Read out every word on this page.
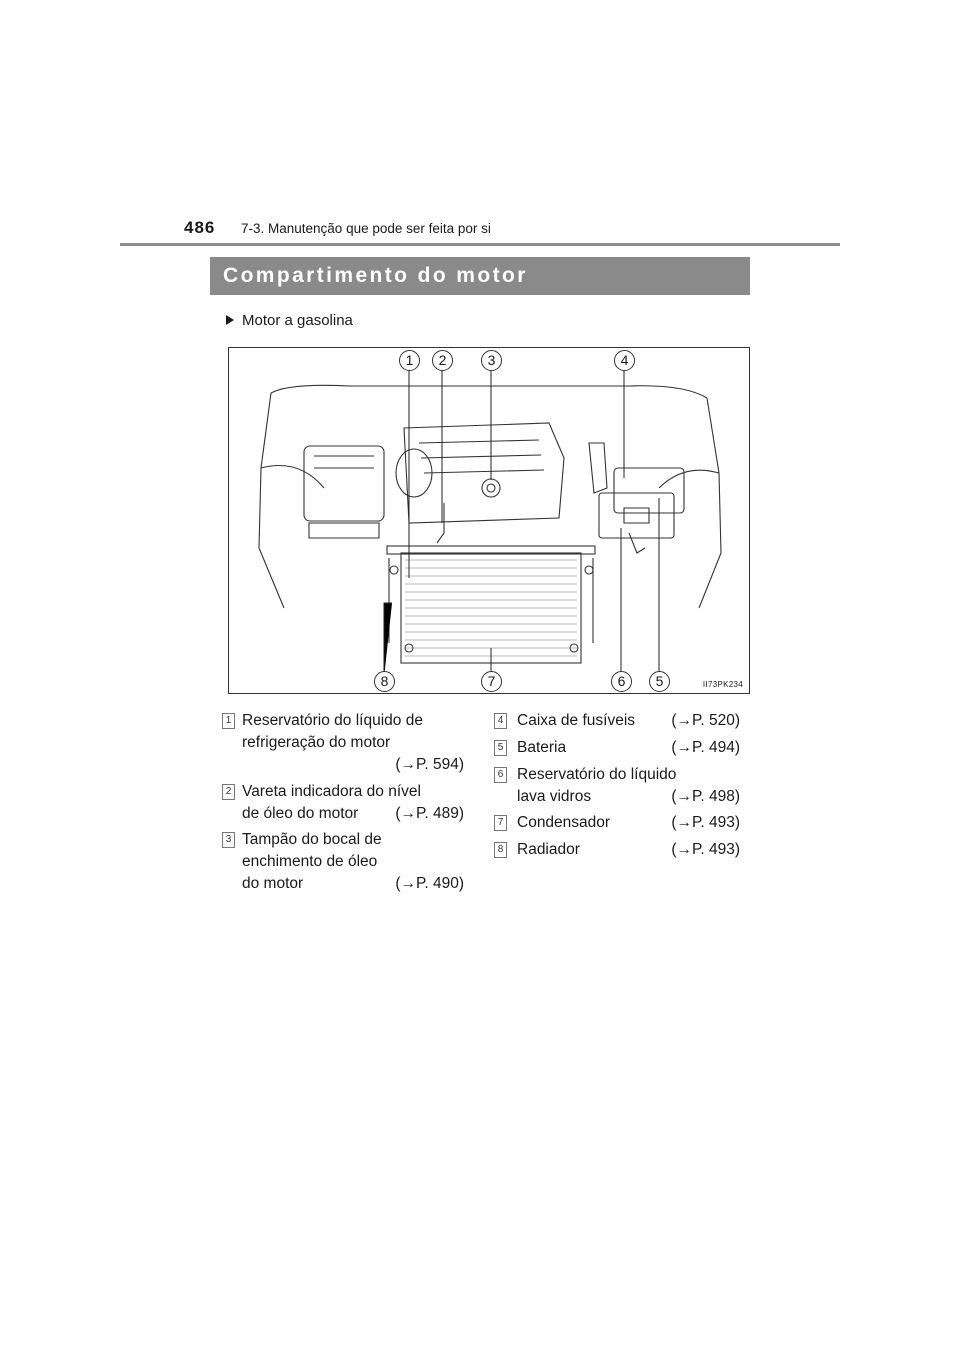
486 7-3. Manutenção que pode ser feita por si
Compartimento do motor
Motor a gasolina
1	2	3	4
5
6
7
8	II73PK234
1 Reservatório do líquido de
refrigeração do motor
(→P. 594)
2 Vareta indicadora do nível
de óleo do motor (→P. 489)
3 Tampão do bocal de
enchimento de óleo
do motor	(→P. 490)
4 Caixa de fusíveis (→P. 520)
5 Bateria	(→P. 494)
6 Reservatório do líquido
lava vidros	(→P. 498)
7 Condensador	(→P. 493)
8 Radiador	(→P. 493)
